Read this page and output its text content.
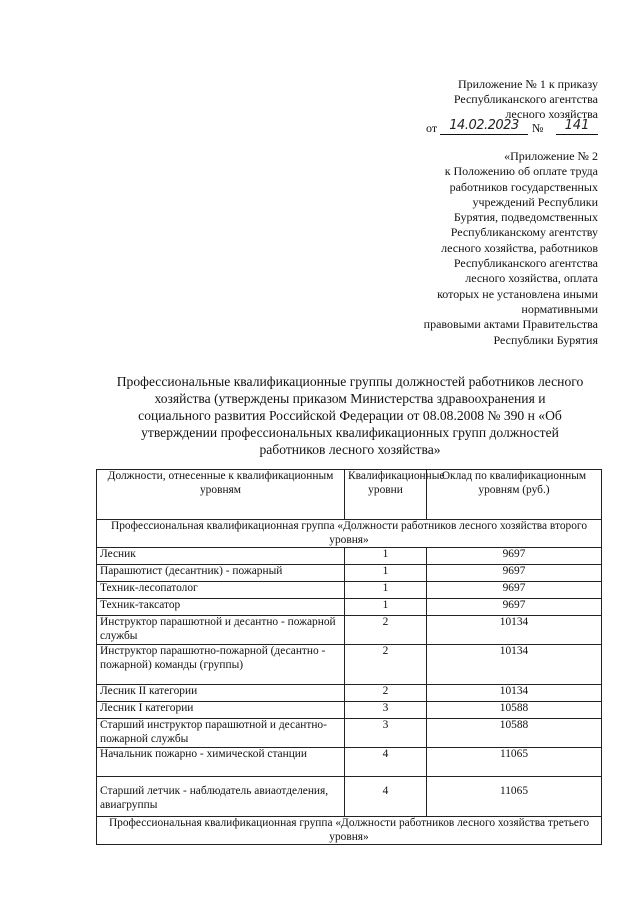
Приложение № 1 к приказу
Республиканского агентства
лесного хозяйства
от 14.02.2023	№	141
«Приложение № 2
к Положению об оплате труда
работников государственных
учреждений Республики
Бурятия, подведомственных
Республиканскому агентству
лесного хозяйства, работников
Республиканского агентства
лесного хозяйства, оплата
которых не установлена иными
нормативными
правовыми актами Правительства
Республики Бурятия
Профессиональные квалификационные группы должностей работников лесного
хозяйства (утверждены приказом Министерства здравоохранения и
социального развития Российской Федерации от 08.08.2008 № 390 н «Об
утверждении профессиональных квалификационных групп должностей
работников лесного хозяйства»
Должности, отнесенные к квалификационным уровням	Квалификационные уровни	Оклад по квалификационным уровням (руб.)
Профессиональная квалификационная группа «Должности работников лесного хозяйства второго уровня»		
Лесник	1	9697
Парашютист (десантник) - пожарный	1	9697
Техник-лесопатолог	1	9697
Техник-таксатор	1	9697
Инструктор парашютной и десантно - пожарной службы	2	10134
Инструктор парашютно-пожарной (десантно - пожарной) команды (группы)	2	10134
Лесник II категории	2	10134
Лесник I категории	3	10588
Старший инструктор парашютной и десантно-пожарной службы	3	10588
Начальник пожарно - химической станции	4	11065
Старший летчик - наблюдатель авиаотделения, авиагруппы	4	11065
Профессиональная квалификационная группа «Должности работников лесного хозяйства третьего уровня»		
